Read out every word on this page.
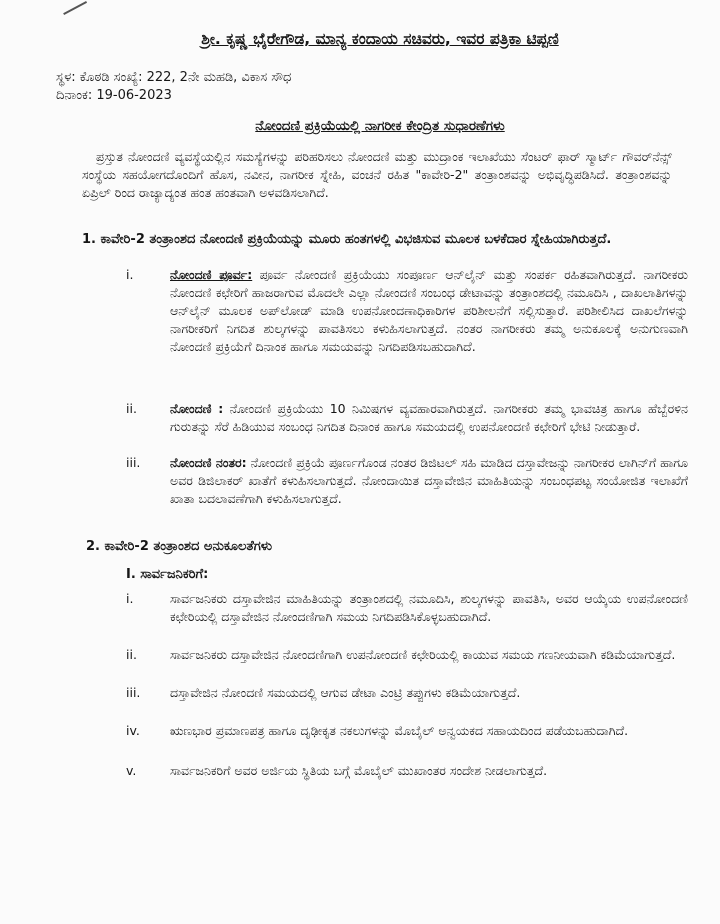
ಶ್ರೀ. ಕೃಷ್ಣ ಭೈರೇಗೌಡ, ಮಾನ್ಯ ಕಂದಾಯ ಸಚಿವರು, ಇವರ ಪತ್ರಿಕಾ ಟಿಪ್ಪಣಿ
ಸ್ಥಳ: ಕೊಠಡಿ ಸಂಖ್ಯೆ: 222, 2ನೇ ಮಹಡಿ, ವಿಕಾಸ ಸೌಧ
ದಿನಾಂಕ: 19-06-2023
ನೋಂದಣಿ ಪ್ರಕ್ರಿಯೆಯಲ್ಲಿ ನಾಗರೀಕ ಕೇಂದ್ರಿತ ಸುಧಾರಣೆಗಳು

ಪ್ರಸ್ತುತ ನೋಂದಣಿ ವ್ಯವಸ್ಥೆಯಲ್ಲಿನ ಸಮಸ್ಯೆಗಳನ್ನು ಪರಿಹರಿಸಲು ನೋಂದಣಿ ಮತ್ತು ಮುದ್ರಾಂಕ ಇಲಾಖೆಯು ಸೆಂಟರ್ ಫಾರ್ ಸ್ಮಾರ್ಟ್ ಗೌವರ್‌ನೆನ್ಸ್ ಸಂಸ್ಥೆಯ ಸಹಯೋಗದೊಂದಿಗೆ ಹೊಸ, ನವೀನ, ನಾಗರೀಕ ಸ್ನೇಹಿ, ವಂಚನೆ ರಹಿತ "ಕಾವೇರಿ-2" ತಂತ್ರಾಂಶವನ್ನು ಅಭಿವೃದ್ಧಿಪಡಿಸಿದೆ. ತಂತ್ರಾಂಶವನ್ನು ಏಪ್ರಿಲ್ ರಿಂದ ರಾಜ್ಯಾದ್ಯಂತ ಹಂತ ಹಂತವಾಗಿ ಅಳವಡಿಸಲಾಗಿದೆ.

1. ಕಾವೇರಿ-2 ತಂತ್ರಾಂಶದ ನೋಂದಣಿ ಪ್ರಕ್ರಿಯೆಯನ್ನು ಮೂರು ಹಂತಗಳಲ್ಲಿ ವಿಭಜಿಸುವ ಮೂಲಕ ಬಳಕೆದಾರ ಸ್ನೇಹಿಯಾಗಿರುತ್ತದೆ.

i.	ನೋಂದಣಿ ಪೂರ್ವ: ಪೂರ್ವ ನೋಂದಣಿ ಪ್ರಕ್ರಿಯೆಯು ಸಂಪೂರ್ಣ ಆನ್‌ಲೈನ್ ಮತ್ತು ಸಂಪರ್ಕ ರಹಿತವಾಗಿರುತ್ತದೆ. ನಾಗರೀಕರು ನೋಂದಣಿ ಕಛೇರಿಗೆ ಹಾಜರಾಗುವ ಮೊದಲೇ ಎಲ್ಲಾ ನೋಂದಣಿ ಸಂಬಂಧ ಡೇಟಾವನ್ನು ತಂತ್ರಾಂಶದಲ್ಲಿ ನಮೂದಿಸಿ , ದಾಖಲಾತಿಗಳನ್ನು ಆನ್‌ಲೈನ್ ಮೂಲಕ ಅಪ್‌ಲೋಡ್ ಮಾಡಿ ಉಪನೋಂದಣಾಧಿಕಾರಿಗಳ ಪರಿಶೀಲನೆಗೆ ಸಲ್ಲಿಸುತ್ತಾರೆ. ಪರಿಶೀಲಿಸಿದ ದಾಖಲೆಗಳನ್ನು ನಾಗರೀಕರಿಗೆ ನಿಗದಿತ ಶುಲ್ಕಗಳನ್ನು ಪಾವತಿಸಲು ಕಳುಹಿಸಲಾಗುತ್ತದೆ. ನಂತರ ನಾಗರೀಕರು ತಮ್ಮ ಅನುಕೂಲಕ್ಕೆ ಅನುಗುಣವಾಗಿ ನೋಂದಣಿ ಪ್ರಕ್ರಿಯೆಗೆ ದಿನಾಂಕ ಹಾಗೂ ಸಮಯವನ್ನು ನಿಗದಿಪಡಿಸಬಹುದಾಗಿದೆ.

ii.	ನೋಂದಣಿ : ನೋಂದಣಿ ಪ್ರಕ್ರಿಯೆಯು 10 ನಿಮಿಷಗಳ ವ್ಯವಹಾರವಾಗಿರುತ್ತದೆ. ನಾಗರೀಕರು ತಮ್ಮ ಭಾವಚಿತ್ರ ಹಾಗೂ ಹೆಬ್ಬೆರಳಿನ ಗುರುತನ್ನು ಸೆರೆ ಹಿಡಿಯುವ ಸಂಬಂಧ ನಿಗದಿತ ದಿನಾಂಕ ಹಾಗೂ ಸಮಯದಲ್ಲಿ ಉಪನೋಂದಣಿ ಕಛೇರಿಗೆ ಭೇಟಿ ನೀಡುತ್ತಾರೆ.

iii.	ನೋಂದಣಿ ನಂತರ: ನೋಂದಣಿ ಪ್ರಕ್ರಿಯೆ ಪೂರ್ಣಗೊಂಡ ನಂತರ ಡಿಜಿಟಲ್ ಸಹಿ ಮಾಡಿದ ದಸ್ತಾವೇಜನ್ನು ನಾಗರೀಕರ ಲಾಗಿನ್‌ಗೆ ಹಾಗೂ ಅವರ ಡಿಜಿಲಾಕರ್ ಖಾತೆಗೆ ಕಳುಹಿಸಲಾಗುತ್ತದೆ. ನೋಂದಾಯಿತ ದಸ್ತಾವೇಜಿನ ಮಾಹಿತಿಯನ್ನು ಸಂಬಂಧಪಟ್ಟ ಸಂಯೋಜಿತ ಇಲಾಖೆಗೆ ಖಾತಾ ಬದಲಾವಣೆಗಾಗಿ ಕಳುಹಿಸಲಾಗುತ್ತದೆ.

2. ಕಾವೇರಿ-2 ತಂತ್ರಾಂಶದ ಅನುಕೂಲತೆಗಳು

I. ಸಾರ್ವಜನಿಕರಿಗೆ:
i.	ಸಾರ್ವಜನಿಕರು ದಸ್ತಾವೇಜಿನ ಮಾಹಿತಿಯನ್ನು ತಂತ್ರಾಂಶದಲ್ಲಿ ನಮೂದಿಸಿ, ಶುಲ್ಕಗಳನ್ನು ಪಾವತಿಸಿ, ಅವರ ಆಯ್ಕೆಯ ಉಪನೋಂದಣಿ ಕಛೇರಿಯಲ್ಲಿ ದಸ್ತಾವೇಜಿನ ನೋಂದಣಿಗಾಗಿ ಸಮಯ ನಿಗದಿಪಡಿಸಿಕೊಳ್ಳಬಹುದಾಗಿದೆ.

ii.	ಸಾರ್ವಜನಿಕರು ದಸ್ತಾವೇಜಿನ ನೋಂದಣಿಗಾಗಿ ಉಪನೋಂದಣಿ ಕಛೇರಿಯಲ್ಲಿ ಕಾಯುವ ಸಮಯ ಗಣನೀಯವಾಗಿ ಕಡಿಮೆಯಾಗುತ್ತದೆ.

iii.	ದಸ್ತಾವೇಜಿನ ನೋಂದಣಿ ಸಮಯದಲ್ಲಿ ಆಗುವ ಡೇಟಾ ಎಂಟ್ರಿ ತಪ್ಪುಗಳು ಕಡಿಮೆಯಾಗುತ್ತದೆ.

iv.	ಋಣಭಾರ ಪ್ರಮಾಣಪತ್ರ ಹಾಗೂ ದೃಢೀಕೃತ ನಕಲುಗಳನ್ನು ಮೊಬೈಲ್ ಅನ್ವಯಕದ ಸಹಾಯದಿಂದ ಪಡೆಯಬಹುದಾಗಿದೆ.

v.	ಸಾರ್ವಜನಿಕರಿಗೆ ಅವರ ಅರ್ಜಿಯ ಸ್ಥಿತಿಯ ಬಗ್ಗೆ ಮೊಬೈಲ್ ಮುಖಾಂತರ ಸಂದೇಶ ನೀಡಲಾಗುತ್ತದೆ.
